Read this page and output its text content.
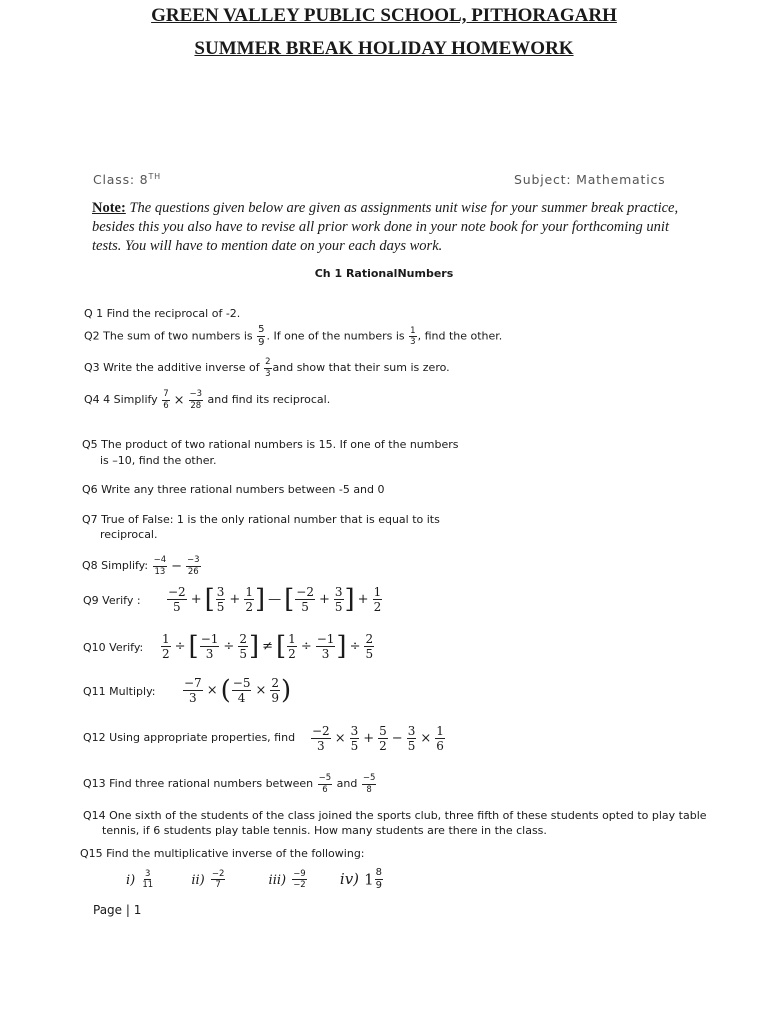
GREEN VALLEY PUBLIC SCHOOL, PITHORAGARH
SUMMER BREAK HOLIDAY HOMEWORK
Class: 8TH	Subject: Mathematics
Note: The questions given below are given as assignments unit wise for your summer break practice, besides this you also have to revise all prior work done in your note book for your forthcoming unit tests. You will have to mention date on your each days work.
Ch 1 RationalNumbers
Q 1 Find the reciprocal of -2.
Q2 The sum of two numbers is $\frac{5}{9}$ . If one of the numbers is $\frac{1}{3}$ , find the other.
Q3 Write the additive inverse of $\frac{2}{3}$ and show that their sum is zero.
Q4 4 Simplify $\frac{7}{6} \times \frac{-3}{28}$ and find its reciprocal.
Q5 The product of two rational numbers is 15. If one of the numbers
is –10, find the other.
Q6 Write any three rational numbers between -5 and 0
Q7 True of False: 1 is the only rational number that is equal to its
reciprocal.
Q8 Simplify: $\frac{-4}{13} - \frac{-3}{26}$
Q9 Verify : $\frac{-2}{5}$ + [ $\frac{3}{5} + \frac{1}{2}$ ] — [ $\frac{-2}{5} + \frac{3}{5}$ ] + $\frac{1}{2}$
Q10 Verify: $\frac{1}{2}$ ÷ [ $\frac{-1}{3} \div \frac{2}{5}$ ] ≠ [ $\frac{1}{2} \div \frac{-1}{3}$ ] ÷ $\frac{2}{5}$
Q11 Multiply: $\frac{-7}{3}$ × ( $\frac{-5}{4} \times \frac{2}{9}$ )
Q12 Using appropriate properties, find $\frac{-2}{3} \times \frac{3}{5} + \frac{5}{2} - \frac{3}{5} \times \frac{1}{6}$
Q13 Find three rational numbers between $\frac{-5}{6}$ and $\frac{-5}{8}$
Q14 One sixth of the students of the class joined the sports club, three fifth of these students opted to play table
tennis, if 6 students play table tennis. How many students are there in the class.
Q15 Find the multiplicative inverse of the following:
$i) \frac{3}{11}$	$ii) \frac{-2}{7}$	$iii) \frac{-9}{-2} iv$) $1 \frac{8}{9}$
Page | 1
